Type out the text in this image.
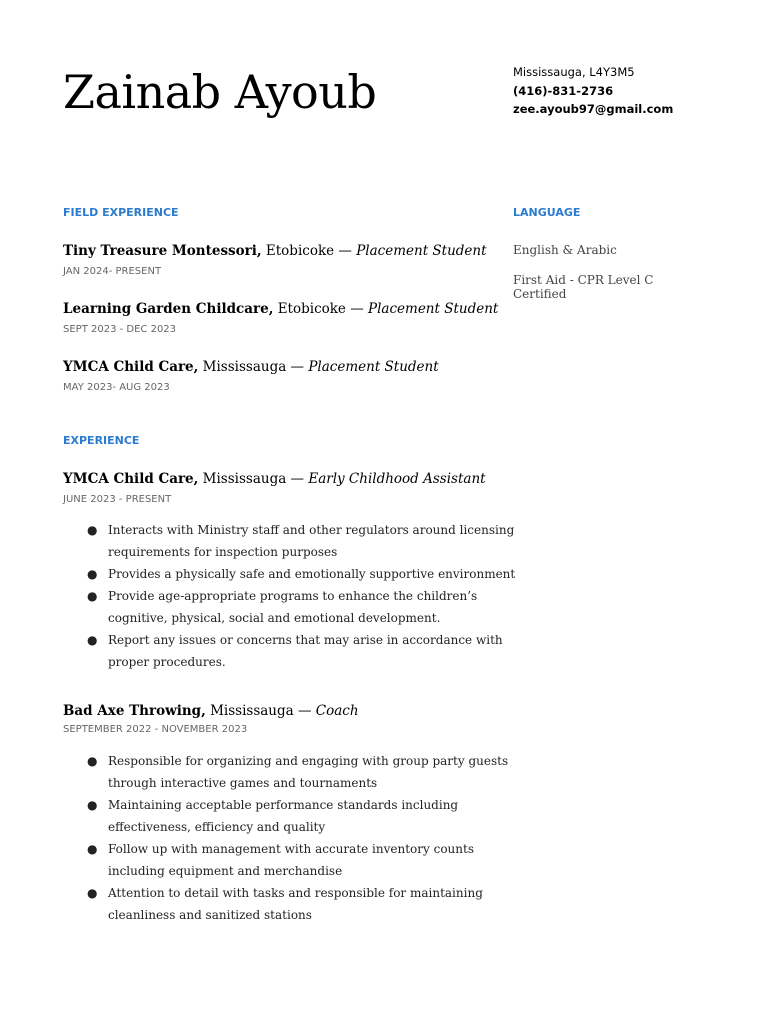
Zainab Ayoub	Mississauga, L4Y3M5
(416)-831-2736
zee.ayoub97@gmail.com
FIELD EXPERIENCE
Tiny Treasure Montessori, Etobicoke — Placement Student
JAN 2024- PRESENT
Learning Garden Childcare, Etobicoke — Placement Student
SEPT 2023 - DEC 2023
YMCA Child Care, Mississauga — Placement Student
MAY 2023- AUG 2023
EXPERIENCE
YMCA Child Care, Mississauga — Early Childhood Assistant
JUNE 2023 - PRESENT
● Interacts with Ministry staff and other regulators around licensing
requirements for inspection purposes
● Provides a physically safe and emotionally supportive environment
● Provide age-appropriate programs to enhance the children’s
cognitive, physical, social and emotional development.
● Report any issues or concerns that may arise in accordance with
proper procedures.
Bad Axe Throwing, Mississauga — Coach
SEPTEMBER 2022 - NOVEMBER 2023
● Responsible for organizing and engaging with group party guests
through interactive games and tournaments
● Maintaining acceptable performance standards including
effectiveness, efficiency and quality
● Follow up with management with accurate inventory counts
including equipment and merchandise
● Attention to detail with tasks and responsible for maintaining
cleanliness and sanitized stations
LANGUAGE

English & Arabic

First Aid - CPR Level C
Certified
